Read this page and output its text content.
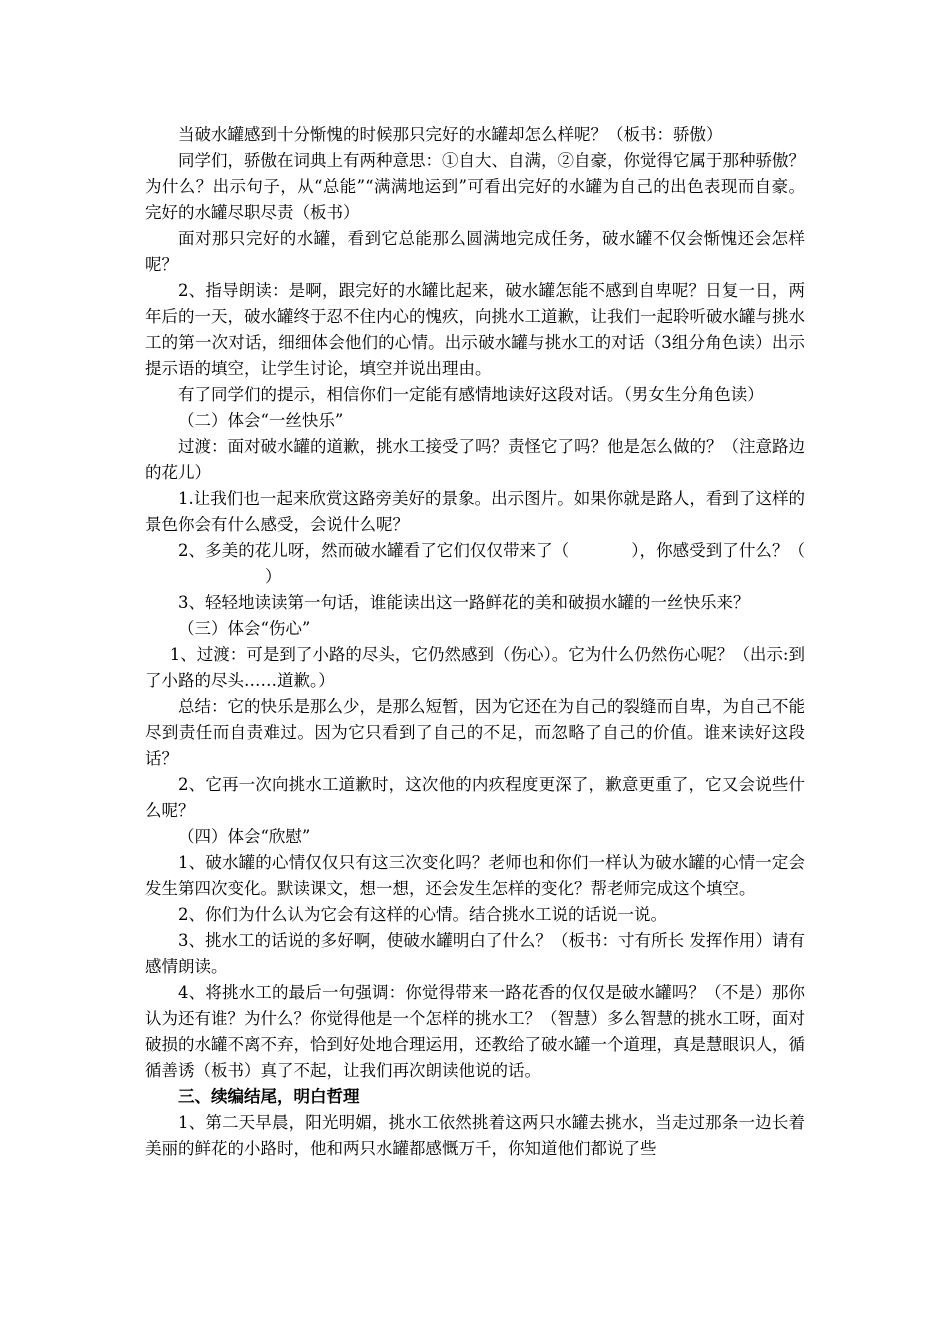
当破水罐感到十分惭愧的时候那只完好的水罐却怎么样呢？（板书：骄傲）

同学们，骄傲在词典上有两种意思：①自大、自满，②自豪，你觉得它属于那种骄傲？为什么？出示句子，从“总能”“满满地运到”可看出完好的水罐为自己的出色表现而自豪。完好的水罐尽职尽责（板书）

面对那只完好的水罐，看到它总能那么圆满地完成任务，破水罐不仅会惭愧还会怎样呢？

2、指导朗读：是啊，跟完好的水罐比起来，破水罐怎能不感到自卑呢？日复一日，两年后的一天，破水罐终于忍不住内心的愧疚，向挑水工道歉，让我们一起聆听破水罐与挑水工的第一次对话，细细体会他们的心情。出示破水罐与挑水工的对话（3组分角色读）出示提示语的填空，让学生讨论，填空并说出理由。

有了同学们的提示，相信你们一定能有感情地读好这段对话。（男女生分角色读）

（二）体会“一丝快乐”

过渡：面对破水罐的道歉，挑水工接受了吗？责怪它了吗？他是怎么做的？（注意路边的花儿）

1.让我们也一起来欣赏这路旁美好的景象。出示图片。如果你就是路人，看到了这样的景色你会有什么感受，会说什么呢？

2、多美的花儿呀，然而破水罐看了它们仅仅带来了（	），你感受到了什么？（）

3、轻轻地读读第一句话，谁能读出这一路鲜花的美和破损水罐的一丝快乐来？

（三）体会“伤心”

1、过渡：可是到了小路的尽头，它仍然感到（伤心）。它为什么仍然伤心呢？（出示:到了小路的尽头……道歉。）

总结：它的快乐是那么少，是那么短暂，因为它还在为自己的裂缝而自卑，为自己不能尽到责任而自责难过。因为它只看到了自己的不足，而忽略了自己的价值。谁来读好这段话？

2、它再一次向挑水工道歉时，这次他的内疚程度更深了，歉意更重了，它又会说些什么呢？

（四）体会“欣慰”

1、破水罐的心情仅仅只有这三次变化吗？老师也和你们一样认为破水罐的心情一定会发生第四次变化。默读课文，想一想，还会发生怎样的变化？帮老师完成这个填空。

2、你们为什么认为它会有这样的心情。结合挑水工说的话说一说。

3、挑水工的话说的多好啊，使破水罐明白了什么？（板书：寸有所长 发挥作用）请有感情朗读。

4、将挑水工的最后一句强调：你觉得带来一路花香的仅仅是破水罐吗？（不是）那你认为还有谁？为什么？你觉得他是一个怎样的挑水工？（智慧）多么智慧的挑水工呀，面对破损的水罐不离不弃，恰到好处地合理运用，还教给了破水罐一个道理，真是慧眼识人，循循善诱（板书）真了不起，让我们再次朗读他说的话。

三、续编结尾，明白哲理

1、第二天早晨，阳光明媚，挑水工依然挑着这两只水罐去挑水，当走过那条一边长着美丽的鲜花的小路时，他和两只水罐都感慨万千，你知道他们都说了些
